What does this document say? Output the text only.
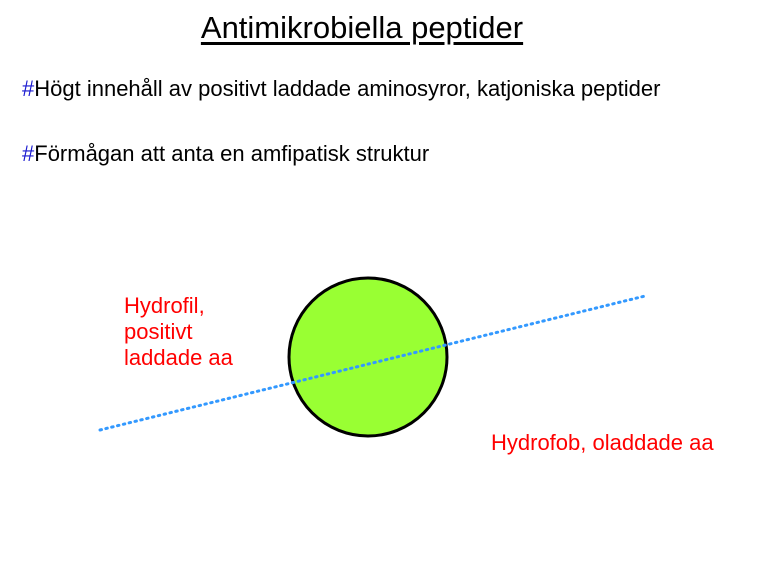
Antimikrobiella peptider
#Högt innehåll av positivt laddade aminosyror, katjoniska peptider
#Förmågan att anta en amfipatisk struktur
Hydrofil,
positivt
laddade aa
Hydrofob, oladdade aa
